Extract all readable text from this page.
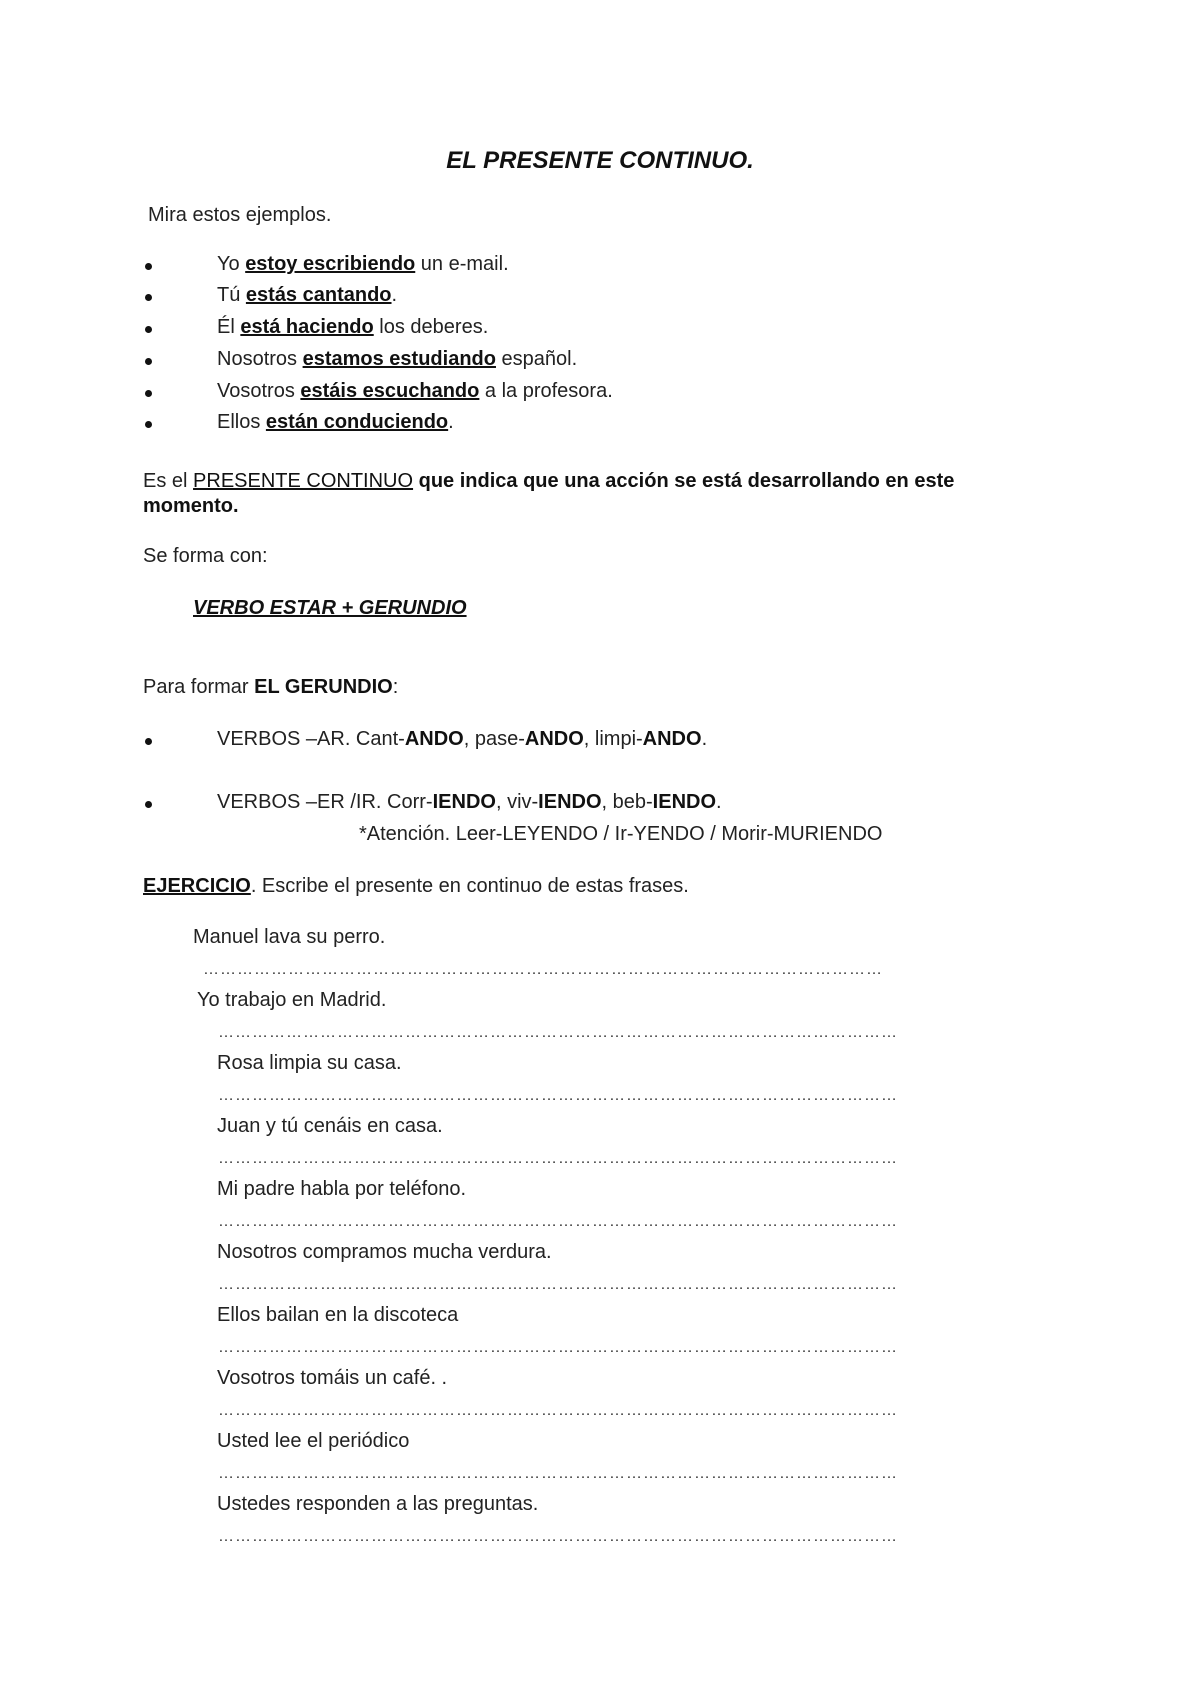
EL PRESENTE CONTINUO.
Mira estos ejemplos.
Yo estoy escribiendo un e-mail.
Tú estás cantando.
Él está haciendo los deberes.
Nosotros estamos estudiando español.
Vosotros estáis escuchando a la profesora.
Ellos están conduciendo.
Es el PRESENTE CONTINUO que indica que una acción se está desarrollando en este
momento.
Se forma con:
VERBO ESTAR + GERUNDIO
Para formar EL GERUNDIO:
VERBOS –AR. Cant-ANDO, pase-ANDO, limpi-ANDO.
VERBOS –ER /IR. Corr-IENDO, viv-IENDO, beb-IENDO.
*Atención. Leer-LEYENDO / Ir-YENDO / Morir-MURIENDO
EJERCICIO. Escribe el presente en continuo de estas frases.
Manuel lava su perro.
…………………………………………………………………………………………………………
Yo trabajo en Madrid.
…………………………………………………………………………………………………………
Rosa limpia su casa.
…………………………………………………………………………………………………………
Juan y tú cenáis en casa.
…………………………………………………………………………………………………………
Mi padre habla por teléfono.
…………………………………………………………………………………………………………
Nosotros compramos mucha verdura.
…………………………………………………………………………………………………………
Ellos bailan en la discoteca
…………………………………………………………………………………………………………
Vosotros tomáis un café. .
…………………………………………………………………………………………………………
Usted lee el periódico
…………………………………………………………………………………………………………
Ustedes responden a las preguntas.
…………………………………………………………………………………………………………
